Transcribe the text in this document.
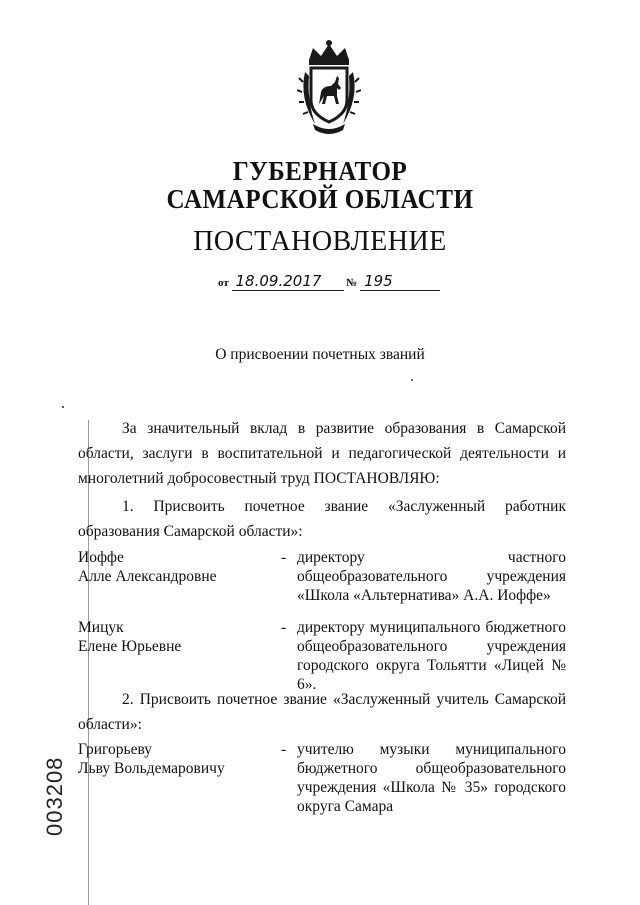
ГУБЕРНАТОР
САМАРСКОЙ ОБЛАСТИ
ПОСТАНОВЛЕНИЕ
от 18.09.2017 № 195
О присвоении почетных званий
За значительный вклад в развитие образования в Самарской области, заслуги в воспитательной и педагогической деятельности и многолетний добросовестный труд ПОСТАНОВЛЯЮ:
1. Присвоить почетное звание «Заслуженный работник образования Самарской области»:
Иоффе
Алле Александровне
- директору частного общеобразовательного учреждения «Школа «Альтернатива» А.А. Иоффе»
Мицук
Елене Юрьевне
- директору муниципального бюджетного общеобразовательного учреждения городского округа Тольятти «Лицей № 6».
2. Присвоить почетное звание «Заслуженный учитель Самарской области»:
Григорьеву
Льву Вольдемаровичу
- учителю музыки муниципального бюджетного общеобразовательного учреждения «Школа № 35» городского округа Самара
003208
